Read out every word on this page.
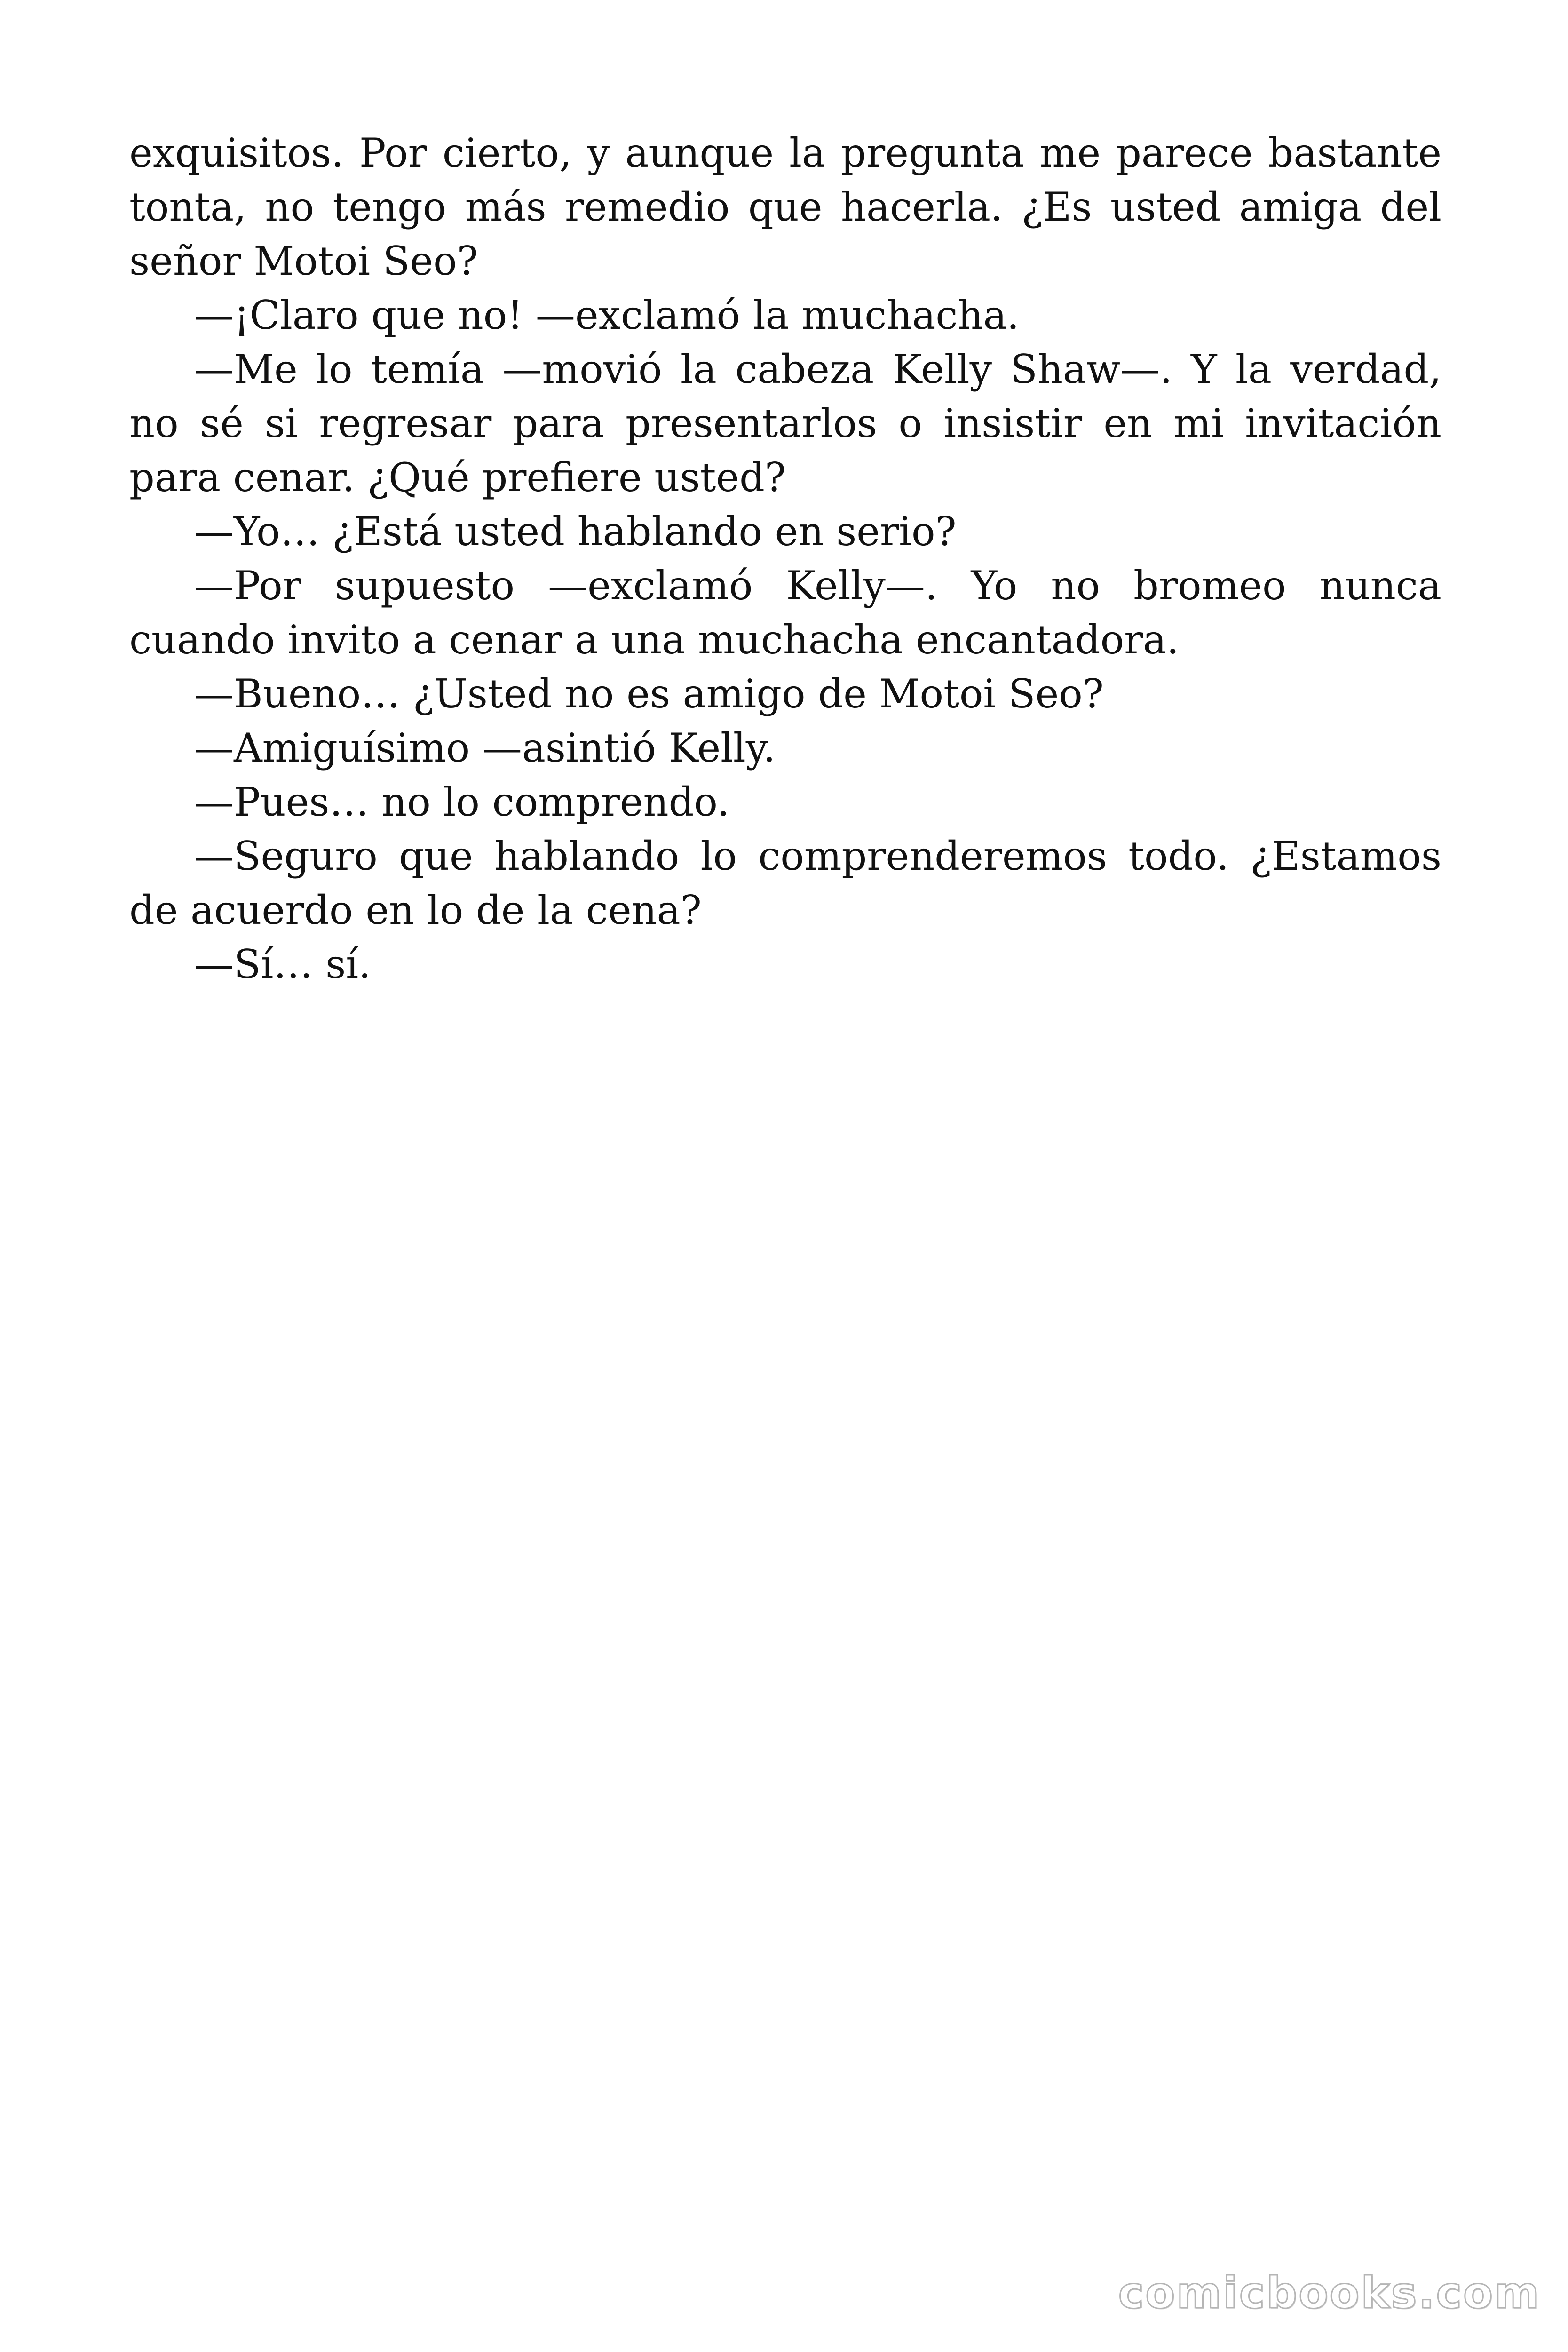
exquisitos. Por cierto, y aunque la pregunta me parece bastante tonta, no tengo más remedio que hacerla. ¿Es usted amiga del señor Motoi Seo?

—¡Claro que no! —exclamó la muchacha.

—Me lo temía —movió la cabeza Kelly Shaw—. Y la verdad, no sé si regresar para presentarlos o insistir en mi invitación para cenar. ¿Qué prefiere usted?

—Yo… ¿Está usted hablando en serio?

—Por supuesto —exclamó Kelly—. Yo no bromeo nunca cuando invito a cenar a una muchacha encantadora.

—Bueno… ¿Usted no es amigo de Motoi Seo?

—Amiguísimo —asintió Kelly.

—Pues… no lo comprendo.

—Seguro que hablando lo comprenderemos todo. ¿Estamos de acuerdo en lo de la cena?

—Sí… sí.

comicbooks.com
